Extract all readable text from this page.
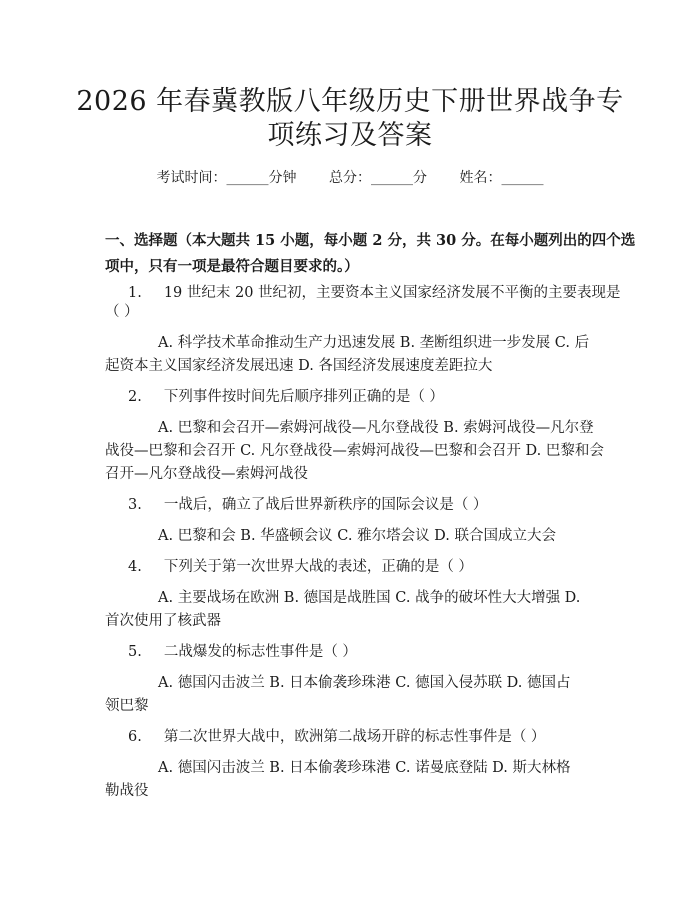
2026 年春冀教版八年级历史下册世界战争专
项练习及答案
考试时间：______分钟 总分：______分 姓名：______
一、选择题（本大题共 15 小题，每小题 2 分，共 30 分。在每小题列出的四个选
项中，只有一项是最符合题目要求的。）
1. 19 世纪末 20 世纪初，主要资本主义国家经济发展不平衡的主要表现是
（ ）
A. 科学技术革命推动生产力迅速发展 B. 垄断组织进一步发展 C. 后
起资本主义国家经济发展迅速 D. 各国经济发展速度差距拉大
2. 下列事件按时间先后顺序排列正确的是（ ）
A. 巴黎和会召开—索姆河战役—凡尔登战役 B. 索姆河战役—凡尔登
战役—巴黎和会召开 C. 凡尔登战役—索姆河战役—巴黎和会召开 D. 巴黎和会
召开—凡尔登战役—索姆河战役
3. 一战后，确立了战后世界新秩序的国际会议是（ ）
A. 巴黎和会 B. 华盛顿会议 C. 雅尔塔会议 D. 联合国成立大会
4. 下列关于第一次世界大战的表述，正确的是（ ）
A. 主要战场在欧洲 B. 德国是战胜国 C. 战争的破坏性大大增强 D.
首次使用了核武器
5. 二战爆发的标志性事件是（ ）
A. 德国闪击波兰 B. 日本偷袭珍珠港 C. 德国入侵苏联 D. 德国占
领巴黎
6. 第二次世界大战中，欧洲第二战场开辟的标志性事件是（ ）
A. 德国闪击波兰 B. 日本偷袭珍珠港 C. 诺曼底登陆 D. 斯大林格
勒战役
